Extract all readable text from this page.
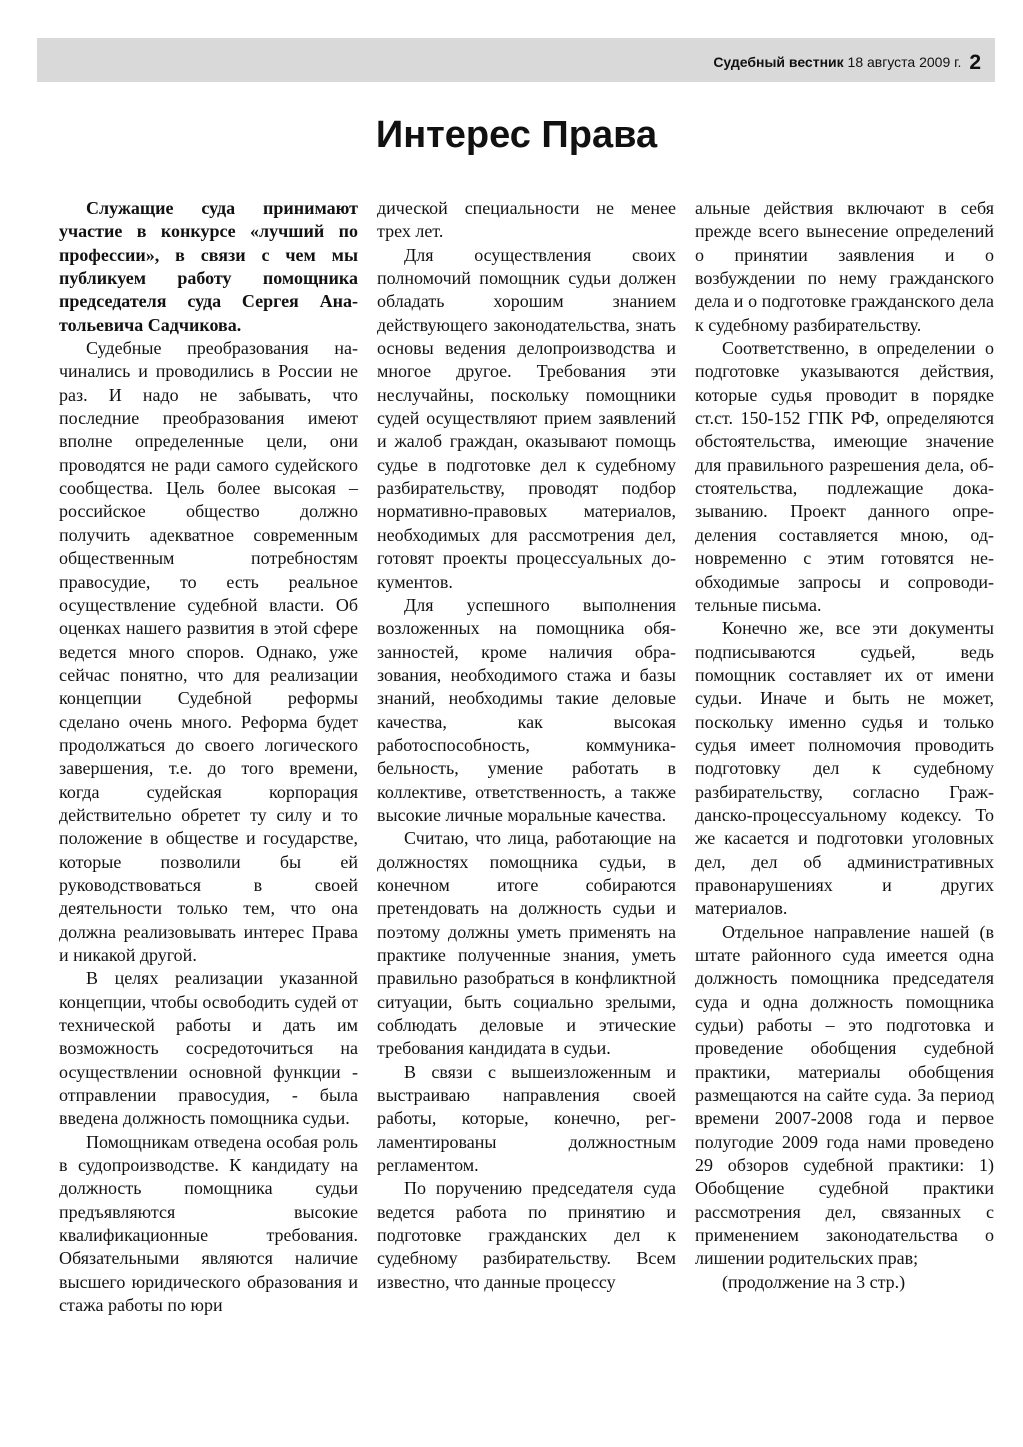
Судебный вестник 18 августа 2009 г. 2
Интерес Права

Служащие суда принимают участие в конкурсе «лучший по профессии», в связи с чем мы публикуем работу помощника председателя суда Сергея Анатольевича Садчикова.

Судебные преобразования начинались и проводились в России не раз. И надо не забывать, что последние преобразования имеют вполне определенные цели, они проводятся не ради самого судейского сообщества. Цель более высокая – российское общество должно получить адекватное современным общественным потребностям правосудие, то есть реальное осуществление судебной власти. Об оценках нашего развития в этой сфере ведется много споров. Однако, уже сейчас понятно, что для реализации концепции Судебной реформы сделано очень много. Реформа будет продолжаться до своего логического завершения, т.е. до того времени, когда судейская корпорация действительно обретет ту силу и то положение в обществе и государстве, которые позволили бы ей руководствоваться в своей деятельности только тем, что она должна реализовывать интерес Права и никакой другой.

В целях реализации указанной концепции, чтобы освободить судей от технической работы и дать им возможность сосредоточиться на осуществлении основной функции - отправлении правосудия, - была введена должность помощника судьи.

Помощникам отведена особая роль в судопроизводстве. К кандидату на должность помощника судьи предъявляются высокие квалификационные требования. Обязательными являются наличие высшего юридического образования и стажа работы по юри

дической специальности не менее трех лет.

Для осуществления своих полномочий помощник судьи должен обладать хорошим знанием действующего законодательства, знать основы ведения делопроизводства и многое другое. Требования эти неслучайны, поскольку помощники судей осуществляют прием заявлений и жалоб граждан, оказывают помощь судье в подготовке дел к судебному разбирательству, проводят подбор нормативно-правовых материалов, необходимых для рассмотрения дел, готовят проекты процессуальных документов.

Для успешного выполнения возложенных на помощника обязанностей, кроме наличия образования, необходимого стажа и базы знаний, необходимы такие деловые качества, как высокая работоспособность, коммуникабельность, умение работать в коллективе, ответственность, а также высокие личные моральные качества.

Считаю, что лица, работающие на должностях помощника судьи, в конечном итоге собираются претендовать на должность судьи и поэтому должны уметь применять на практике полученные знания, уметь правильно разобраться в конфликтной ситуации, быть социально зрелыми, соблюдать деловые и этические требования кандидата в судьи.

В связи с вышеизложенным и выстраиваю направления своей работы, которые, конечно, регламентированы должностным регламентом.

По поручению председателя суда ведется работа по принятию и подготовке гражданских дел к судебному разбирательству. Всем известно, что данные процессу

альные действия включают в себя прежде всего вынесение определений о принятии заявления и о возбуждении по нему гражданского дела и о подготовке гражданского дела к судебному разбирательству.

Соответственно, в определении о подготовке указываются действия, которые судья проводит в порядке ст.ст. 150-152 ГПК РФ, определяются обстоятельства, имеющие значение для правильного разрешения дела, обстоятельства, подлежащие доказыванию. Проект данного определения составляется мною, одновременно с этим готовятся необходимые запросы и сопроводительные письма.

Конечно же, все эти документы подписываются судьей, ведь помощник составляет их от имени судьи. Иначе и быть не может, поскольку именно судья и только судья имеет полномочия проводить подготовку дел к судебному разбирательству, согласно Гражданско-процессуальному кодексу. То же касается и подготовки уголовных дел, дел об административных правонарушениях и других материалов.

Отдельное направление нашей (в штате районного суда имеется одна должность помощника председателя суда и одна должность помощника судьи) работы – это подготовка и проведение обобщения судебной практики, материалы обобщения размещаются на сайте суда. За период времени 2007-2008 года и первое полугодие 2009 года нами проведено 29 обзоров судебной практики: 1) Обобщение судебной практики рассмотрения дел, связанных с применением законодательства о лишении родительских прав;

(продолжение на 3 стр.)
